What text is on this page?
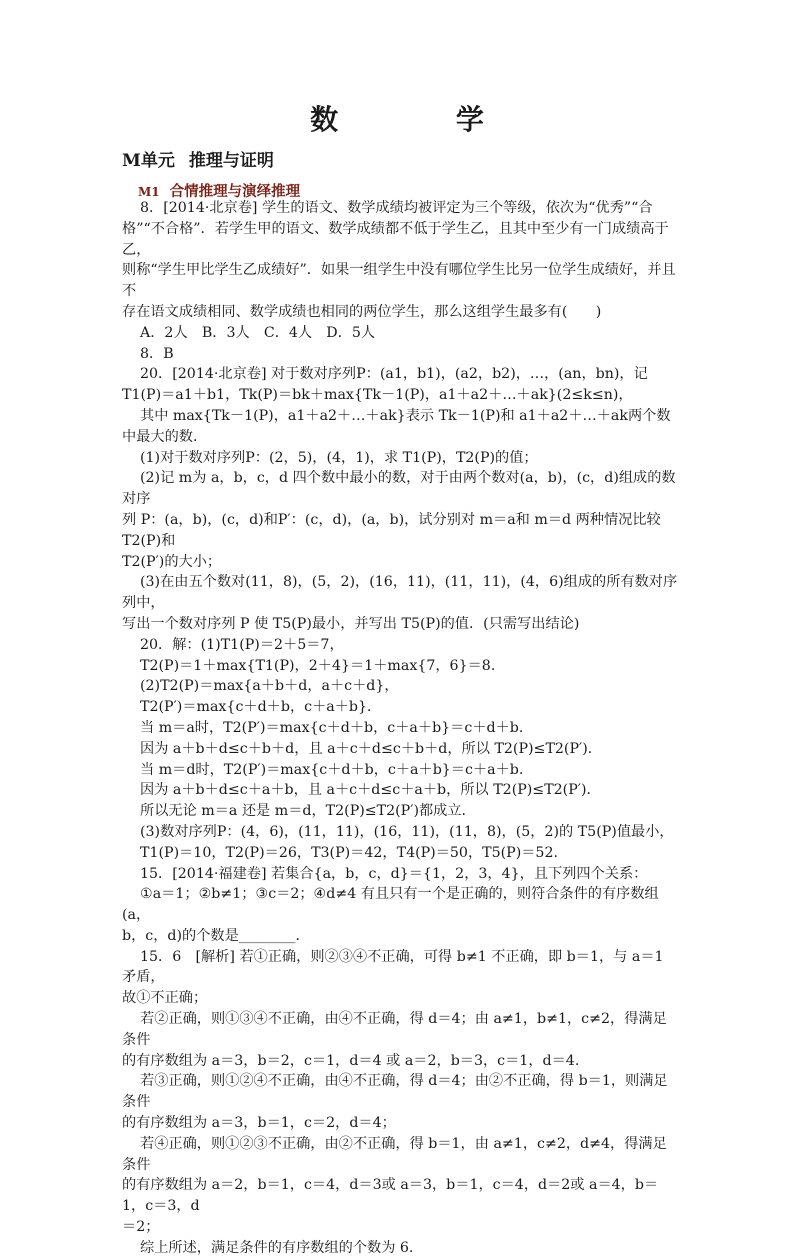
数 学
M单元 推理与证明
M1 合情推理与演绎推理

8．[2014·北京卷] 学生的语文、数学成绩均被评定为三个等级，依次为“优秀”“合

格”“不合格”．若学生甲的语文、数学成绩都不低于学生乙，且其中至少有一门成绩高于乙，

则称“学生甲比学生乙成绩好”．如果一组学生中没有哪位学生比另一位学生成绩好，并且不

存在语文成绩相同、数学成绩也相同的两位学生，那么这组学生最多有(　　)

A．2人　B．3人　C．4人　D．5人

8．B

20．[2014·北京卷] 对于数对序列P：(a1，b1)，(a2，b2)，…，(an，bn)，记

T1(P)＝a1＋b1，Tk(P)＝bk＋max{Tk－1(P)，a1＋a2＋…＋ak}(2≤k≤n)，

其中 max{Tk－1(P)，a1＋a2＋…＋ak}表示 Tk－1(P)和 a1＋a2＋…＋ak两个数中最大的数．

(1)对于数对序列P：(2，5)，(4，1)，求 T1(P)，T2(P)的值；

(2)记 m为 a，b，c，d 四个数中最小的数，对于由两个数对(a，b)，(c，d)组成的数对序

列 P：(a，b)，(c，d)和P′：(c，d)，(a，b)，试分别对 m＝a和 m＝d 两种情况比较 T2(P)和

T2(P′)的大小；

(3)在由五个数对(11，8)，(5，2)，(16，11)，(11，11)，(4，6)组成的所有数对序列中，

写出一个数对序列 P 使 T5(P)最小，并写出 T5(P)的值．(只需写出结论)

20．解：(1)T1(P)＝2＋5＝7，

T2(P)＝1＋max{T1(P)，2＋4}＝1＋max{7，6}＝8.

(2)T2(P)＝max{a＋b＋d，a＋c＋d}，

T2(P′)＝max{c＋d＋b，c＋a＋b}．

当 m＝a时，T2(P′)＝max{c＋d＋b，c＋a＋b}＝c＋d＋b.

因为 a＋b＋d≤c＋b＋d，且 a＋c＋d≤c＋b＋d，所以 T2(P)≤T2(P′)．

当 m＝d时，T2(P′)＝max{c＋d＋b，c＋a＋b}＝c＋a＋b.

因为 a＋b＋d≤c＋a＋b，且 a＋c＋d≤c＋a＋b，所以 T2(P)≤T2(P′)．

所以无论 m＝a 还是 m＝d，T2(P)≤T2(P′)都成立．

(3)数对序列P：(4，6)，(11，11)，(16，11)，(11，8)，(5，2)的 T5(P)值最小，

T1(P)＝10，T2(P)＝26，T3(P)＝42，T4(P)＝50，T5(P)＝52.

15．[2014·福建卷] 若集合{a，b，c，d}＝{1，2，3，4}，且下列四个关系：

①a＝1；②b≠1；③c＝2；④d≠4 有且只有一个是正确的，则符合条件的有序数组(a，

b，c，d)的个数是________．

15．6　[解析] 若①正确，则②③④不正确，可得 b≠1 不正确，即 b＝1，与 a＝1 矛盾，

故①不正确；

若②正确，则①③④不正确，由④不正确，得 d＝4；由 a≠1，b≠1，c≠2，得满足条件

的有序数组为 a＝3，b＝2，c＝1，d＝4 或 a＝2，b＝3，c＝1，d＝4.

若③正确，则①②④不正确，由④不正确，得 d＝4；由②不正确，得 b＝1，则满足条件

的有序数组为 a＝3，b＝1，c＝2，d＝4；

若④正确，则①②③不正确，由②不正确，得 b＝1，由 a≠1，c≠2，d≠4，得满足条件

的有序数组为 a＝2，b＝1，c＝4，d＝3或 a＝3，b＝1，c＝4，d＝2或 a＝4，b＝1，c＝3，d

＝2；

综上所述，满足条件的有序数组的个数为 6.
